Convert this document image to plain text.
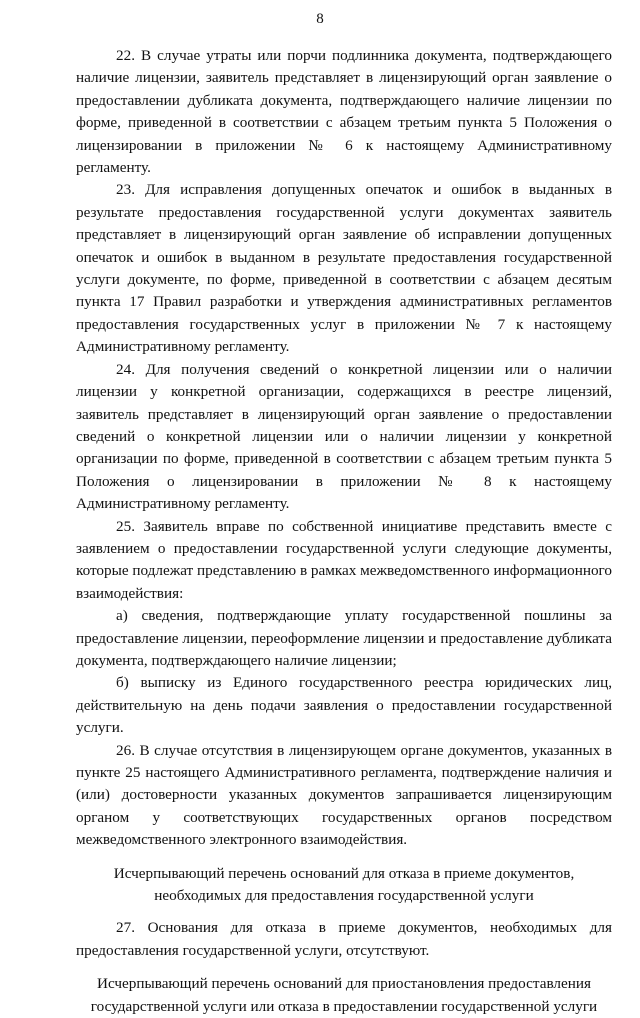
8

22. В случае утраты или порчи подлинника документа, подтверждающего наличие лицензии, заявитель представляет в лицензирующий орган заявление о предоставлении дубликата документа, подтверждающего наличие лицензии по форме, приведенной в соответствии с абзацем третьим пункта 5 Положения о лицензировании в приложении № 6 к настоящему Административному регламенту.

23. Для исправления допущенных опечаток и ошибок в выданных в результате предоставления государственной услуги документах заявитель представляет в лицензирующий орган заявление об исправлении допущенных опечаток и ошибок в выданном в результате предоставления государственной услуги документе, по форме, приведенной в соответствии с абзацем десятым пункта 17 Правил разработки и утверждения административных регламентов предоставления государственных услуг в приложении № 7 к настоящему Административному регламенту.

24. Для получения сведений о конкретной лицензии или о наличии лицензии у конкретной организации, содержащихся в реестре лицензий, заявитель представляет в лицензирующий орган заявление о предоставлении сведений о конкретной лицензии или о наличии лицензии у конкретной организации по форме, приведенной в соответствии с абзацем третьим пункта 5 Положения о лицензировании в приложении № 8 к настоящему Административному регламенту.

25. Заявитель вправе по собственной инициативе представить вместе с заявлением о предоставлении государственной услуги следующие документы, которые подлежат представлению в рамках межведомственного информационного взаимодействия:

а) сведения, подтверждающие уплату государственной пошлины за предоставление лицензии, переоформление лицензии и предоставление дубликата документа, подтверждающего наличие лицензии;

б) выписку из Единого государственного реестра юридических лиц, действительную на день подачи заявления о предоставлении государственной услуги.

26. В случае отсутствия в лицензирующем органе документов, указанных в пункте 25 настоящего Административного регламента, подтверждение наличия и (или) достоверности указанных документов запрашивается лицензирующим органом у соответствующих государственных органов посредством межведомственного электронного взаимодействия.

Исчерпывающий перечень оснований для отказа в приеме документов, необходимых для предоставления государственной услуги

27. Основания для отказа в приеме документов, необходимых для предоставления государственной услуги, отсутствуют.

Исчерпывающий перечень оснований для приостановления предоставления государственной услуги или отказа в предоставлении государственной услуги
